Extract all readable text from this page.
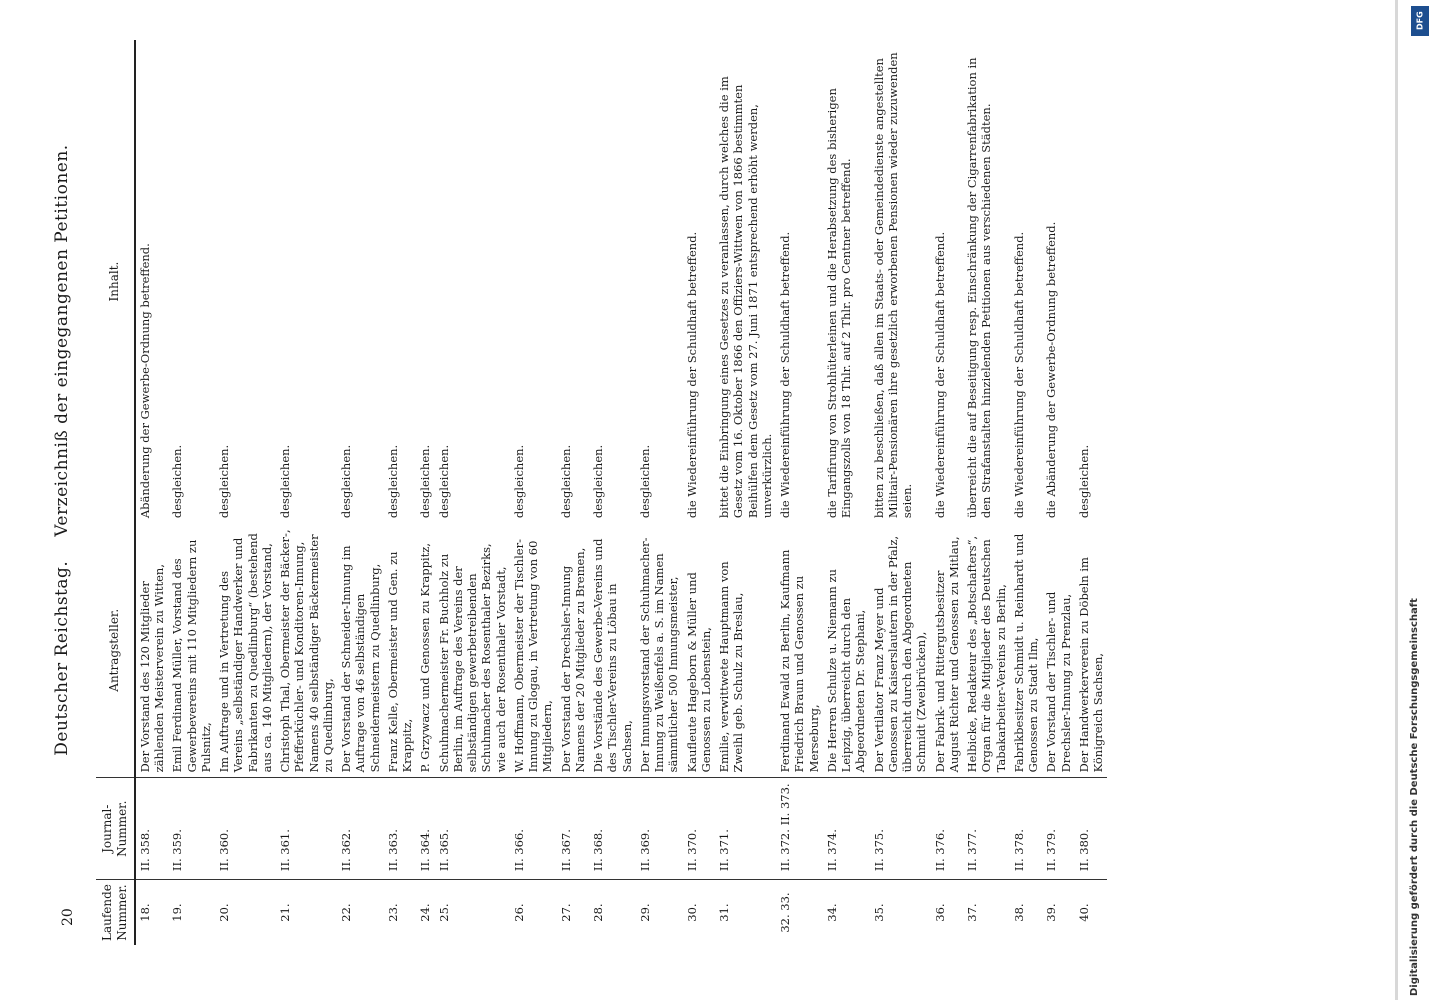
20
Deutscher Reichstag. Verzeichniß der eingegangenen Petitionen.
Laufende Nummer.	Journal-Nummer.	Antragsteller.	Inhalt.
18.	II. 358.	Der Vorstand des 120 Mitglieder zählenden Meisterverein zu Witten,	Abänderung der Gewerbe-Ordnung betreffend.
19.	II. 359.	Emil Ferdinand Müller, Vorstand des Gewerbevereins mit 110 Mitgliedern zu Pulsnitz,	desgleichen.
20.	II. 360.	Im Auftrage und in Vertretung des Vereins „selbständiger Handwerker und Fabrikanten zu Quedlinburg“ (bestehend aus ca. 140 Mitgliedern), der Vorstand,	desgleichen.
21.	II. 361.	Christoph Thal, Obermeister der Bäcker-, Pfefferküchler- und Konditoren-Innung, Namens 40 selbständiger Bäckermeister zu Quedlinburg,	desgleichen.
22.	II. 362.	Der Vorstand der Schneider-Innung im Auftrage von 46 selbständigen Schneidermeistern zu Quedlinburg,	desgleichen.
23.	II. 363.	Franz Kelle, Obermeister und Gen. zu Krappitz,	desgleichen.
24.	II. 364.	P. Grzywacz und Genossen zu Krappitz,	desgleichen.
25.	II. 365.	Schuhmachermeister Fr. Buchholz zu Berlin, im Auftrage des Vereins der selbständigen gewerbetreibenden Schuhmacher des Rosenthaler Bezirks, wie auch der Rosenthaler Vorstadt,	desgleichen.
26.	II. 366.	W. Hoffmann, Obermeister der Tischler-Innung zu Glogau, in Vertretung von 60 Mitgliedern,	desgleichen.
27.	II. 367.	Der Vorstand der Drechsler-Innung Namens der 20 Mitglieder zu Bremen,	desgleichen.
28.	II. 368.	Die Vorstände des Gewerbe-Vereins und des Tischler-Vereins zu Löbau in Sachsen,	desgleichen.
29.	II. 369.	Der Innungsvorstand der Schuhmacher-Innung zu Weißenfels a. S. im Namen sämmtlicher 500 Innungsmeister,	desgleichen.
30.	II. 370.	Kaufleute Hageborn & Müller und Genossen zu Lobenstein,	die Wiedereinführung der Schuldhaft betreffend.
31.	II. 371.	Emilie, verwittwete Hauptmann von Zweihl geb. Schulz zu Breslau,	bittet die Einbringung eines Gesetzes zu veranlassen, durch welches die im Gesetz vom 16. Oktober 1866 den Offiziers-Wittwen von 1866 bestimmten Beihülfen dem Gesetz vom 27. Juni 1871 entsprechend erhöht werden, unverkürzlich.
32. 33.	II. 372. II. 373.	Ferdinand Ewald zu Berlin, Kaufmann Friedrich Braun und Genossen zu Merseburg,	die Wiedereinführung der Schuldhaft betreffend.
34.	II. 374.	Die Herren Schulze u. Niemann zu Leipzig, überreicht durch den Abgeordneten Dr. Stephani,	die Tarifirung von Strohhüterleinen und die Herabsetzung des bisherigen Eingangszolls von 18 Thlr. auf 2 Thlr. pro Centner betreffend.
35.	II. 375.	Der Vertilator Franz Meyer und Genossen zu Kaiserslautern in der Pfalz, überreicht durch den Abgeordneten Schmidt (Zweibrücken),	bitten zu beschließen, daß allen im Staats- oder Gemeindedienste angestellten Militair-Pensionären ihre gesetzlich erworbenen Pensionen wieder zuzuwenden seien.
36.	II. 376.	Der Fabrik- und Rittergutsbesitzer August Richter und Genossen zu Mitlau,	die Wiedereinführung der Schuldhaft betreffend.
37.	II. 377.	Helbicke, Redakteur des „Botschafters“, Organ für die Mitglieder des Deutschen Tabakarbeiter-Vereins zu Berlin,	überreicht die auf Beseitigung resp. Einschränkung der Cigarrenfabrikation in den Strafanstalten hinzielenden Petitionen aus verschiedenen Städten.
38.	II. 378.	Fabrikbesitzer Schmidt u. Reinhardt und Genossen zu Stadt Ilm,	die Wiedereinführung der Schuldhaft betreffend.
39.	II. 379.	Der Vorstand der Tischler- und Drechsler-Innung zu Prenzlau,	die Abänderung der Gewerbe-Ordnung betreffend.
40.	II. 380.	Der Handwerkerverein zu Döbeln im Königreich Sachsen,	desgleichen.
Digitalisierung gefördert durch die Deutsche Forschungsgemeinschaft
DFG
